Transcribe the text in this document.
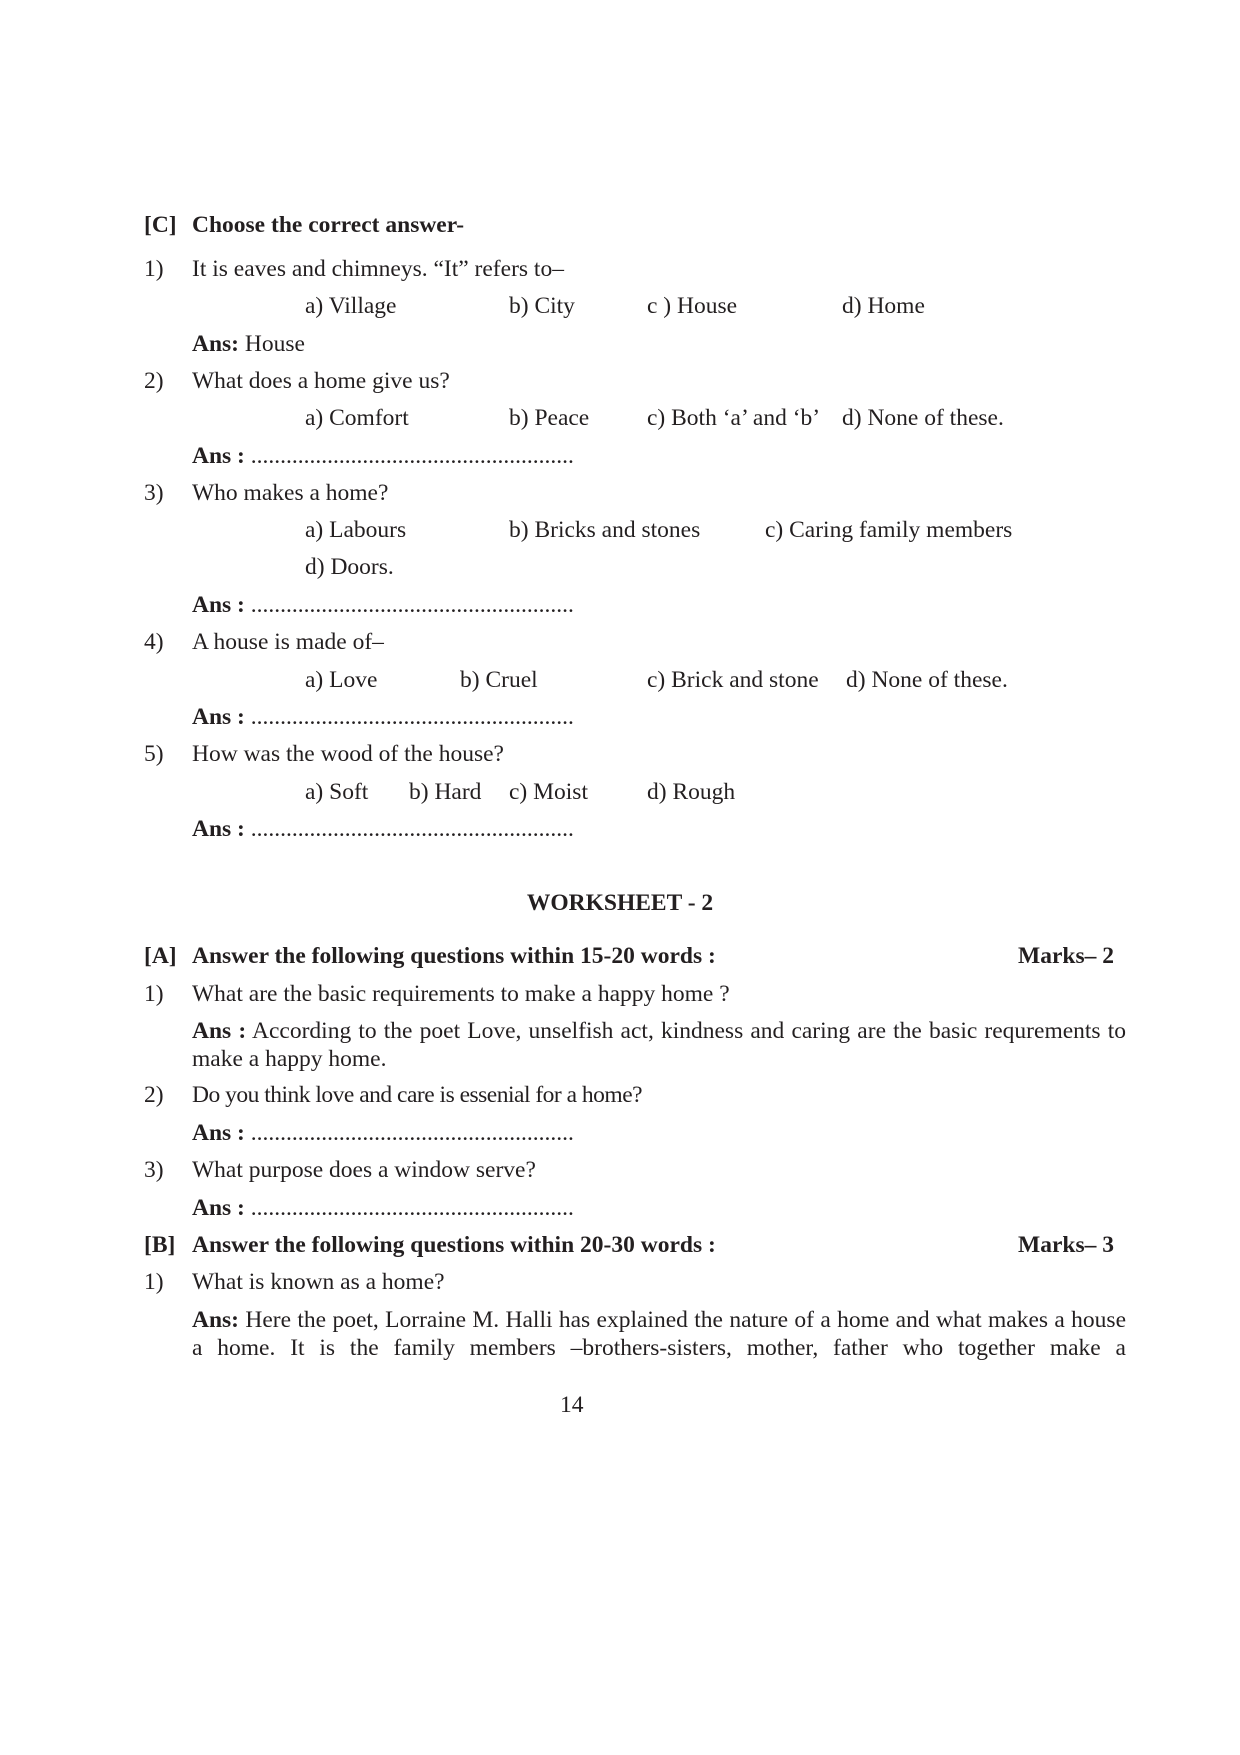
[C] Choose the correct answer-
1) It is eaves and chimneys. “It” refers to–
a) Village	b) City	c ) House	d) Home
Ans: House
2) What does a home give us?
a) Comfort	b) Peace c) Both ‘a’ and ‘b’ d) None of these.
Ans : .......................................................
3) Who makes a home?
a) Labours	b) Bricks and stones	c) Caring family members
d) Doors.
Ans : .......................................................
4) A house is made of–
a) Love	b) Cruel	c) Brick and stone d) None of these.
Ans : .......................................................
5) How was the wood of the house?
a) Soft b) Hard c) Moist	d) Rough
Ans : .......................................................
WORKSHEET - 2
[A] Answer the following questions within 15-20 words :	Marks– 2
1) What are the basic requirements to make a happy home ?
Ans : According to the poet Love, unselfish act, kindness and caring are the basic requrements to make a happy home.
2) Do you think love and care is essenial for a home?
Ans : .......................................................
3) What purpose does a window serve?
Ans : .......................................................
[B] Answer the following questions within 20-30 words :	Marks– 3
1) What is known as a home?
Ans: Here the poet, Lorraine M. Halli has explained the nature of a home and what makes a house a home. It is the family members –brothers-sisters, mother, father who together make a
14
